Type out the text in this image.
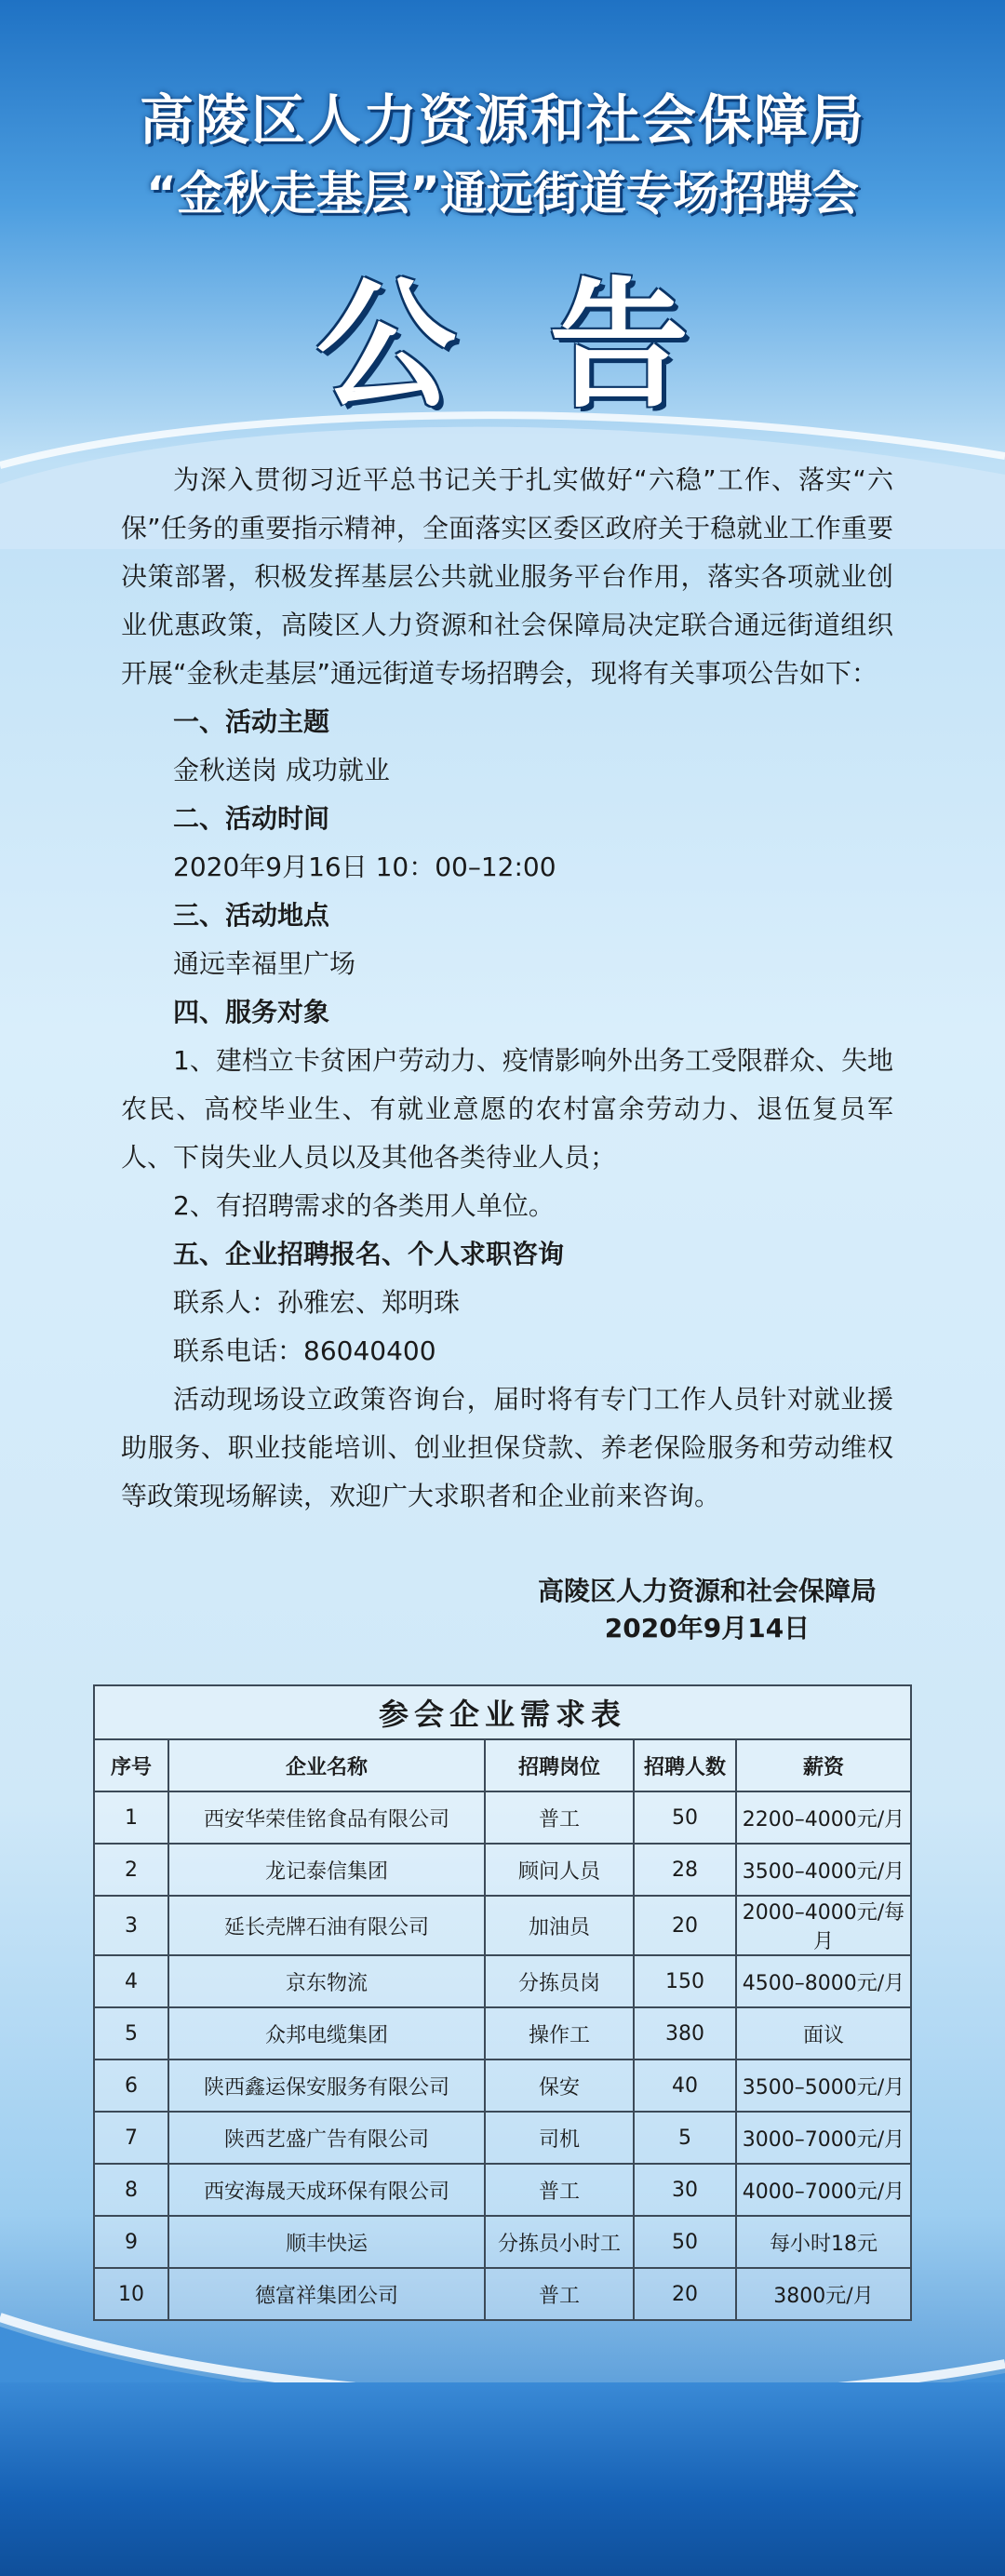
高陵区人力资源和社会保障局
“金秋走基层”通远街道专场招聘会
公告

为深入贯彻习近平总书记关于扎实做好“六稳”工作、落实“六保”任务的重要指示精神，全面落实区委区政府关于稳就业工作重要决策部署，积极发挥基层公共就业服务平台作用，落实各项就业创业优惠政策，高陵区人力资源和社会保障局决定联合通远街道组织开展“金秋走基层”通远街道专场招聘会，现将有关事项公告如下：

一、活动主题

金秋送岗 成功就业

二、活动时间

2020年9月16日 10：00–12:00

三、活动地点

通远幸福里广场

四、服务对象

1、建档立卡贫困户劳动力、疫情影响外出务工受限群众、失地农民、高校毕业生、有就业意愿的农村富余劳动力、退伍复员军人、下岗失业人员以及其他各类待业人员；

2、有招聘需求的各类用人单位。

五、企业招聘报名、个人求职咨询

联系人：孙雅宏、郑明珠

联系电话：86040400

活动现场设立政策咨询台，届时将有专门工作人员针对就业援助服务、职业技能培训、创业担保贷款、养老保险服务和劳动维权等政策现场解读，欢迎广大求职者和企业前来咨询。

高陵区人力资源和社会保障局
2020年9月14日
参会企业需求表				
序号	企业名称	招聘岗位	招聘人数	薪资
1	西安华荣佳铭食品有限公司	普工	50	2200–4000元/月
2	龙记泰信集团	顾问人员	28	3500–4000元/月
3	延长壳牌石油有限公司	加油员	20	2000–4000元/每月
4	京东物流	分拣员岗	150	4500–8000元/月
5	众邦电缆集团	操作工	380	面议
6	陕西鑫运保安服务有限公司	保安	40	3500–5000元/月
7	陕西艺盛广告有限公司	司机	5	3000–7000元/月
8	西安海晟天成环保有限公司	普工	30	4000–7000元/月
9	顺丰快运	分拣员小时工	50	每小时18元
10	德富祥集团公司	普工	20	3800元/月
